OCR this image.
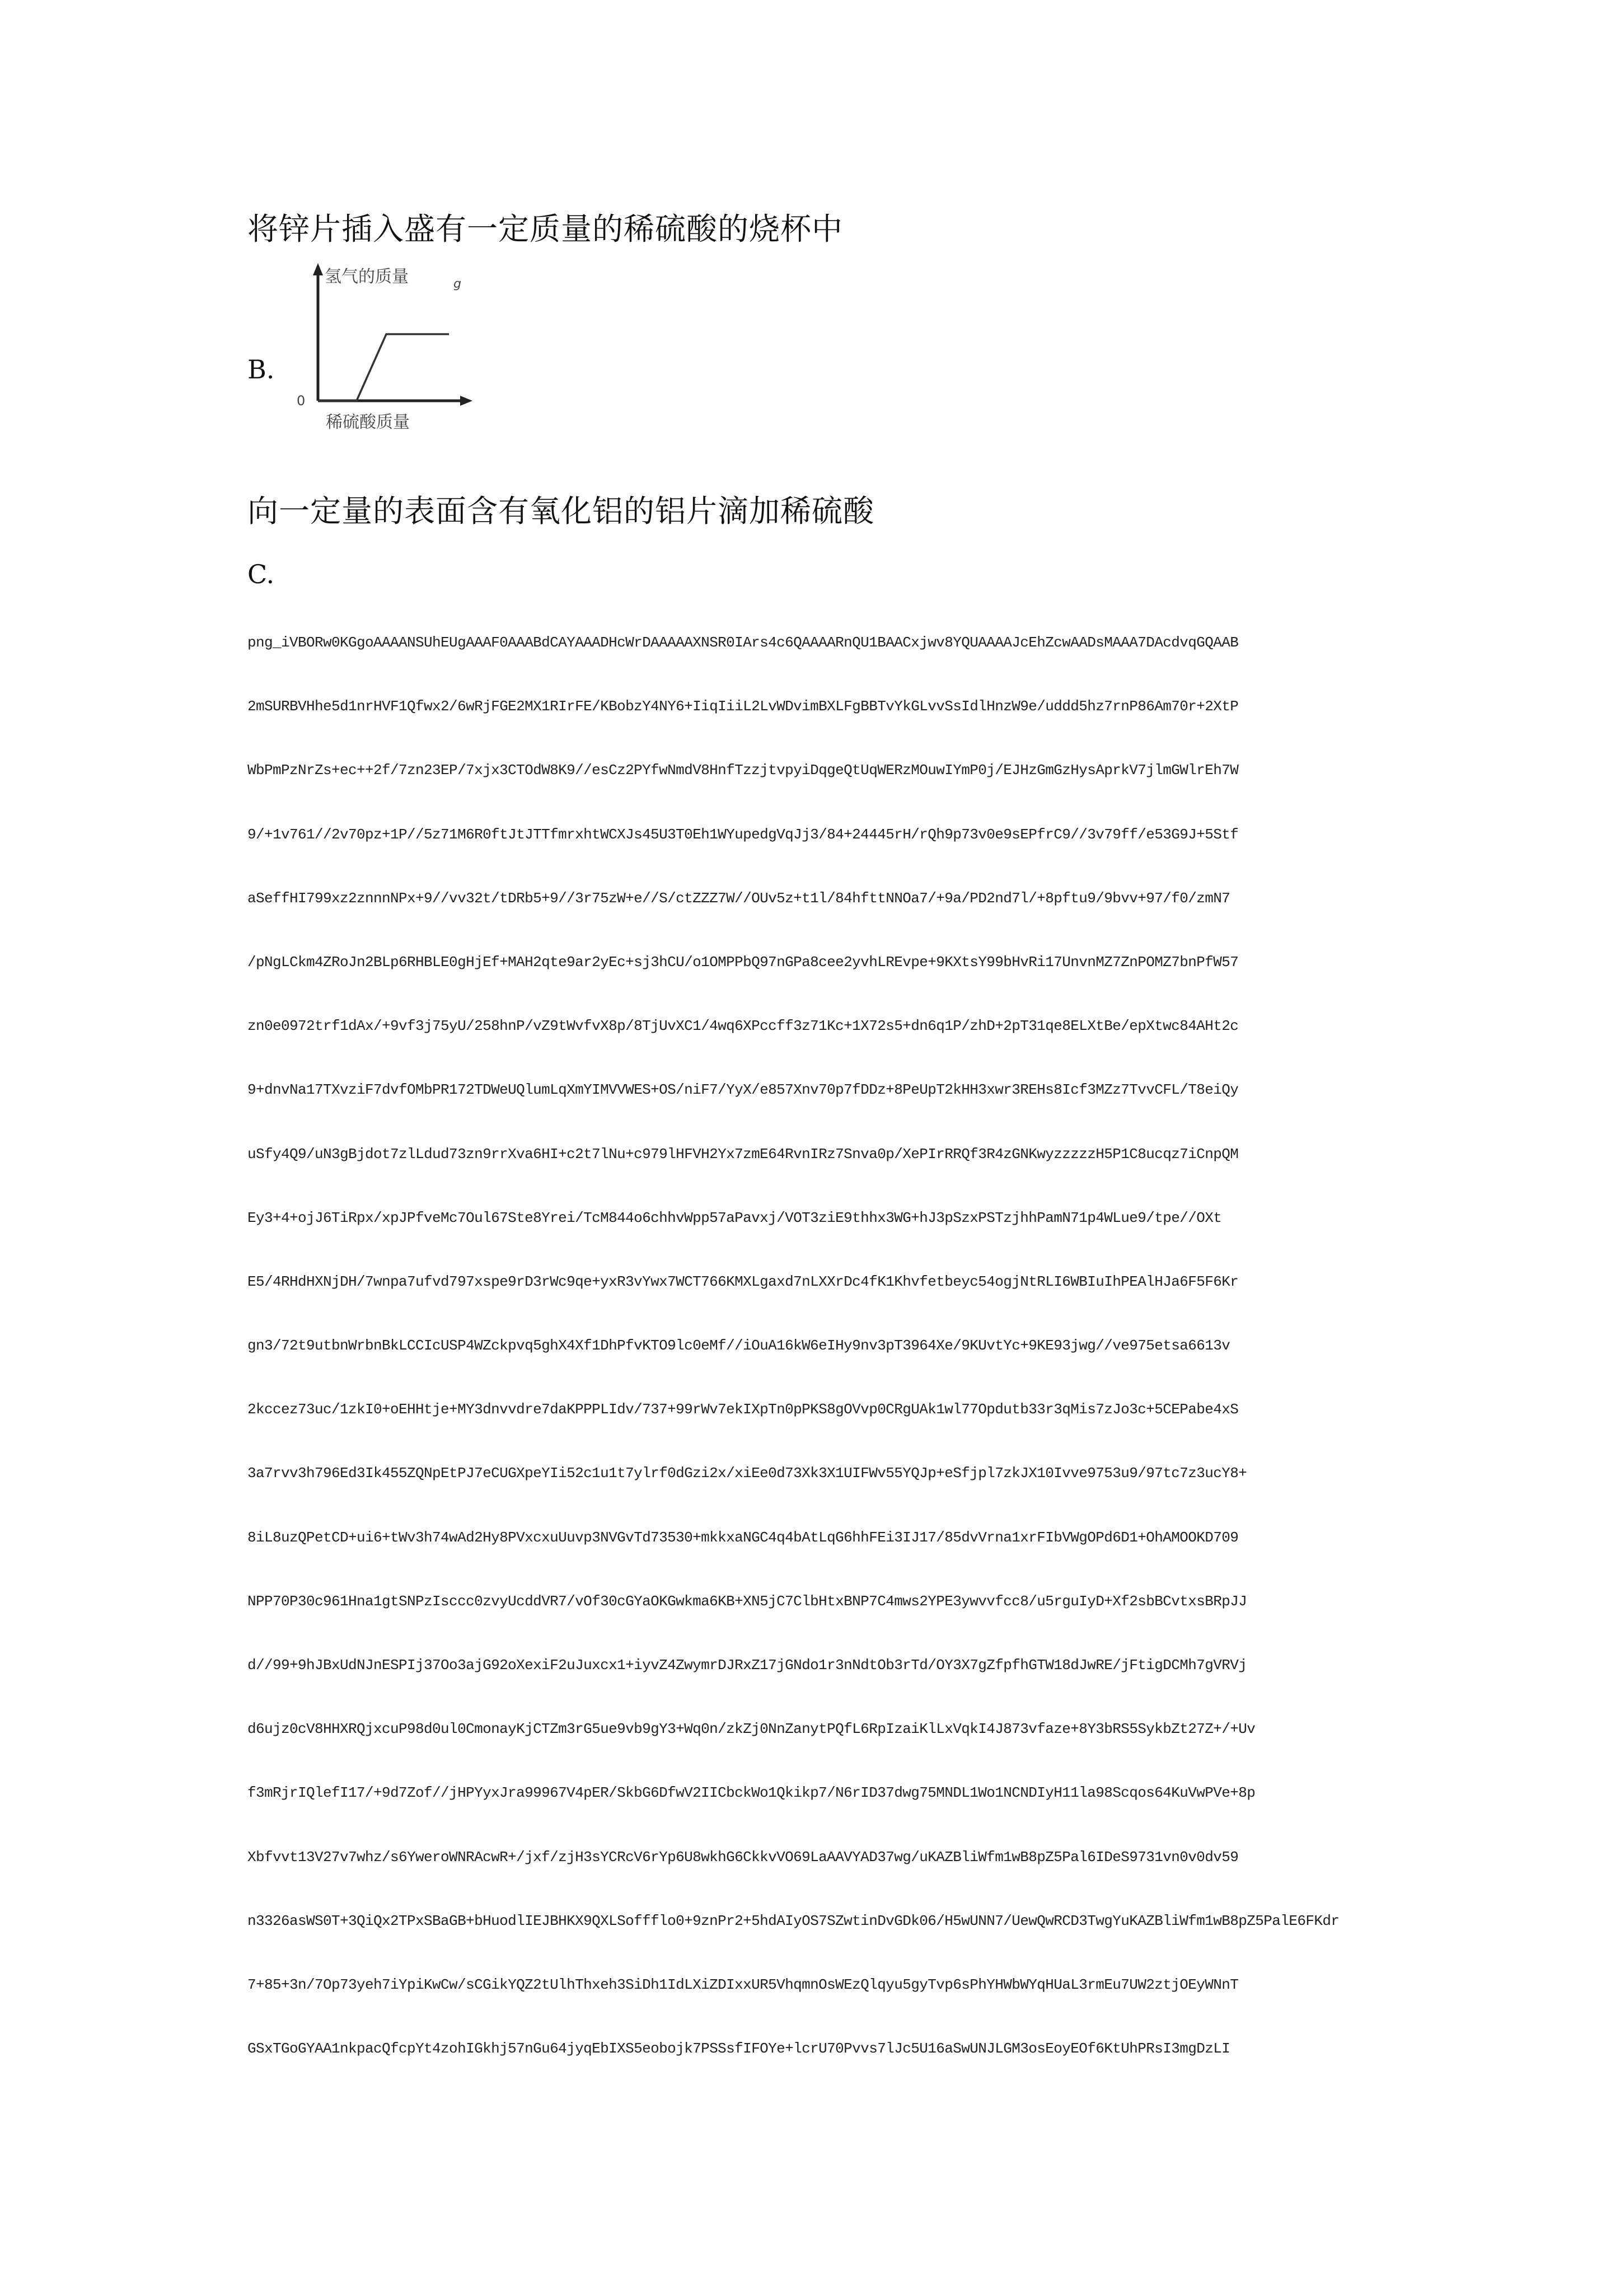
将锌片插入盛有一定质量的稀硫酸的烧杯中
B.
氢气的质量	g
0
稀硫酸质量
向一定量的表面含有氧化铝的铝片滴加稀硫酸
C.
png_iVBORw0KGgoAAAANSUhEUgAAAF0AAABdCAYAAADHcWrDAAAAAXNSR0IArs4c6QAAAARnQU1BAACxjwv8YQUAAAAJcEhZcwAADsMAAA7DAcdvqGQAAB
2mSURBVHhe5d1nrHVF1Qfwx2/6wRjFGE2MX1RIrFE/KBobzY4NY6+IiqIiiL2LvWDvimBXLFgBBTvYkGLvvSsIdlHnzW9e/uddd5hz7rnP86Am70r+2XtP
WbPmPzNrZs+ec++2f/7zn23EP/7xjx3CTOdW8K9//esCz2PYfwNmdV8HnfTzzjtvpyiDqgeQtUqWERzMOuwIYmP0j/EJHzGmGzHysAprkV7jlmGWlrEh7W
9/+1v761//2v70pz+1P//5z71M6R0ftJtJTTfmrxhtWCXJs45U3T0Eh1WYupedgVqJj3/84+24445rH/rQh9p73v0e9sEPfrC9//3v79ff/e53G9J+5Stf
aSeffHI799xz2znnnNPx+9//vv32t/tDRb5+9//3r75zW+e//S/ctZZZ7W//OUv5z+t1l/84hfttNNOa7/+9a/PD2nd7l/+8pftu9/9bvv+97/f0/zmN7
/pNgLCkm4ZRoJn2BLp6RHBLE0gHjEf+MAH2qte9ar2yEc+sj3hCU/o1OMPPbQ97nGPa8cee2yvhLREvpe+9KXtsY99bHvRi17UnvnMZ7ZnPOMZ7bnPfW57
zn0e0972trf1dAx/+9vf3j75yU/258hnP/vZ9tWvfvX8p/8TjUvXC1/4wq6XPccff3z71Kc+1X72s5+dn6q1P/zhD+2pT31qe8ELXtBe/epXtwc84AHt2c
9+dnvNa17TXvziF7dvfOMbPR172TDWeUQlumLqXmYIMVVWES+OS/niF7/YyX/e857Xnv70p7fDDz+8PeUpT2kHH3xwr3REHs8Icf3MZz7TvvCFL/T8eiQy
uSfy4Q9/uN3gBjdot7zlLdud73zn9rrXva6HI+c2t7lNu+c979lHFVH2Yx7zmE64RvnIRz7Snva0p/XePIrRRQf3R4zGNKwyzzzzzH5P1C8ucqz7iCnpQM
Ey3+4+ojJ6TiRpx/xpJPfveMc7Oul67Ste8Yrei/TcM844o6chhvWpp57aPavxj/VOT3ziE9thhx3WG+hJ3pSzxPSTzjhhPamN71p4WLue9/tpe//OXt
E5/4RHdHXNjDH/7wnpa7ufvd797xspe9rD3rWc9qe+yxR3vYwx7WCT766KMXLgaxd7nLXXrDc4fK1Khvfetbeyc54ogjNtRLI6WBIuIhPEAlHJa6F5F6Kr
gn3/72t9utbnWrbnBkLCCIcUSP4WZckpvq5ghX4Xf1DhPfvKTO9lc0eMf//iOuA16kW6eIHy9nv3pT3964Xe/9KUvtYc+9KE93jwg//ve975etsa6613v
2kccez73uc/1zkI0+oEHHtje+MY3dnvvdre7daKPPPLIdv/737+99rWv7ekIXpTn0pPKS8gOVvp0CRgUAk1wl77Opdutb33r3qMis7zJo3c+5CEPabe4xS
3a7rvv3h796Ed3Ik455ZQNpEtPJ7eCUGXpeYIi52c1u1t7ylrf0dGzi2x/xiEe0d73Xk3X1UIFWv55YQJp+eSfjpl7zkJX10Ivve9753u9/97tc7z3ucY8+
8iL8uzQPetCD+ui6+tWv3h74wAd2Hy8PVxcxuUuvp3NVGvTd73530+mkkxaNGC4q4bAtLqG6hhFEi3IJ17/85dvVrna1xrFIbVWgOPd6D1+OhAMOOKD709
NPP70P30c961Hna1gtSNPzIsccc0zvyUcddVR7/vOf30cGYaOKGwkma6KB+XN5jC7ClbHtxBNP7C4mws2YPE3ywvvfcc8/u5rguIyD+Xf2sbBCvtxsBRpJJ
d//99+9hJBxUdNJnESPIj37Oo3ajG92oXexiF2uJuxcx1+iyvZ4ZwymrDJRxZ17jGNdo1r3nNdtOb3rTd/OY3X7gZfpfhGTW18dJwRE/jFtigDCMh7gVRVj
d6ujz0cV8HHXRQjxcuP98d0ul0CmonayKjCTZm3rG5ue9vb9gY3+Wq0n/zkZj0NnZanytPQfL6RpIzaiKlLxVqkI4J873vfaze+8Y3bRS5SykbZt27Z+/+Uv
f3mRjrIQlefI17/+9d7Zof//jHPYyxJra99967V4pER/SkbG6DfwV2IICbckWo1Qkikp7/N6rID37dwg75MNDL1Wo1NCNDIyH11la98Scqos64KuVwPVe+8p
Xbfvvt13V27v7whz/s6YweroWNRAcwR+/jxf/zjH3sYCRcV6rYp6U8wkhG6CkkvVO69LaAAVYAD37wg/uKAZBliWfm1wB8pZ5Pal6IDeS9731vn0v0dv59
n3326asWS0T+3QiQx2TPxSBaGB+bHuodlIEJBHKX9QXLSoffflo0+9znPr2+5hdAIyOS7SZwtinDvGDk06/H5wUNN7/UewQwRCD3TwgYuKAZBliWfm1wB8pZ5PalE6FKdr
7+85+3n/7Op73yeh7iYpiKwCw/sCGikYQZ2tUlhThxeh3SiDh1IdLXiZDIxxUR5VhqmnOsWEzQlqyu5gyTvp6sPhYHWbWYqHUaL3rmEu7UW2ztjOEyWNnT
GSxTGoGYAA1nkpacQfcpYt4zohIGkhj57nGu64jyqEbIXS5eobojk7PSSsfIFOYe+lcrU70Pvvs7lJc5U16aSwUNJLGM3osEoyEOf6KtUhPRsI3mgDzLI
